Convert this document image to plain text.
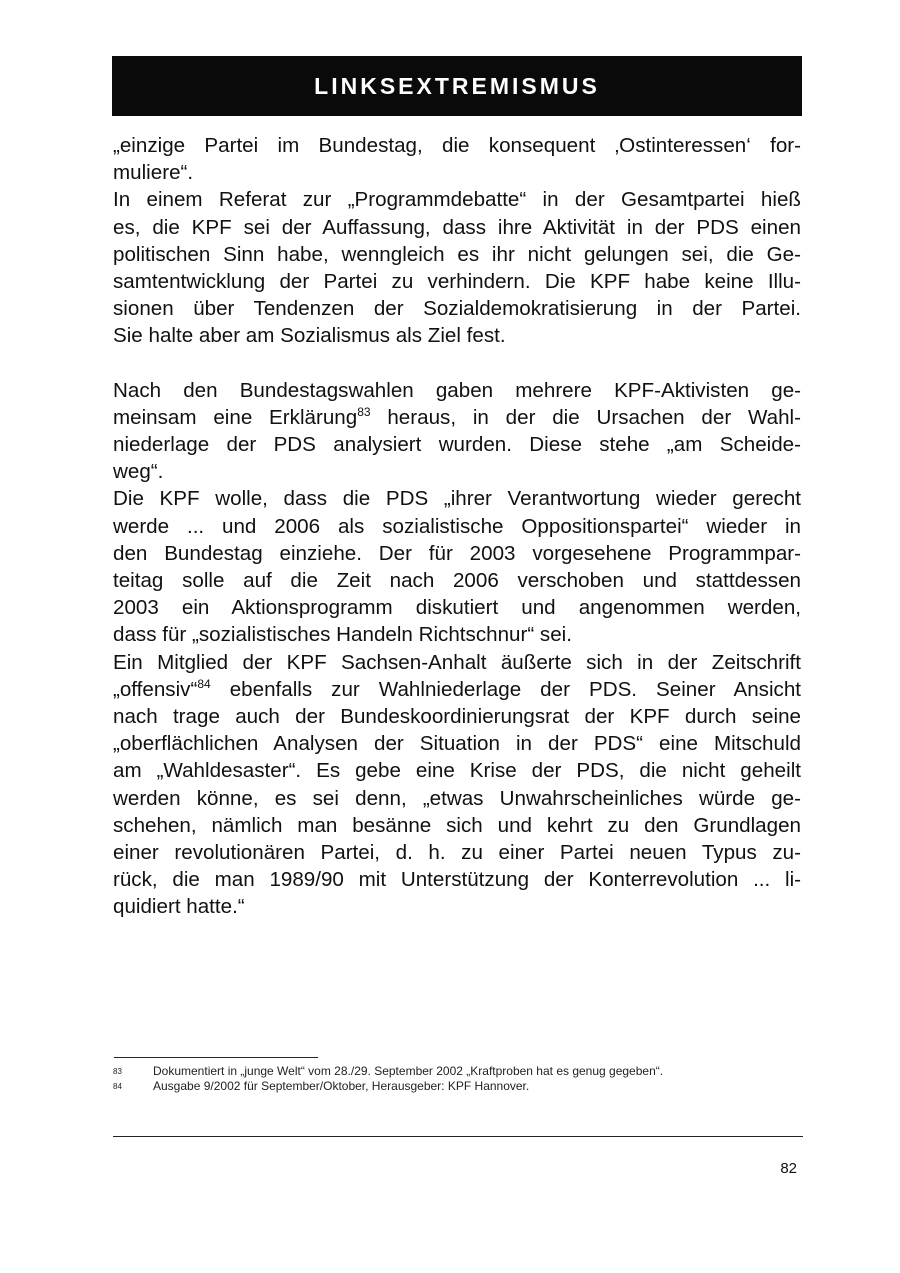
LINKSEXTREMISMUS
„einzige Partei im Bundestag, die konsequent ‚Ostinteressen‘ for-
muliere“.
In einem Referat zur „Programmdebatte“ in der Gesamtpartei hieß
es, die KPF sei der Auffassung, dass ihre Aktivität in der PDS einen
politischen Sinn habe, wenngleich es ihr nicht gelungen sei, die Ge-
samtentwicklung der Partei zu verhindern. Die KPF habe keine Illu-
sionen über Tendenzen der Sozialdemokratisierung in der Partei.
Sie halte aber am Sozialismus als Ziel fest.
Nach den Bundestagswahlen gaben mehrere KPF-Aktivisten ge-
meinsam eine Erklärung$^{83}$ heraus, in der die Ursachen der Wahl-
niederlage der PDS analysiert wurden. Diese stehe „am Scheide-
weg“.
Die KPF wolle, dass die PDS „ihrer Verantwortung wieder gerecht
werde ... und 2006 als sozialistische Oppositionspartei“ wieder in
den Bundestag einziehe. Der für 2003 vorgesehene Programmpar-
teitag solle auf die Zeit nach 2006 verschoben und stattdessen
2003 ein Aktionsprogramm diskutiert und angenommen werden,
dass für „sozialistisches Handeln Richtschnur“ sei.
Ein Mitglied der KPF Sachsen-Anhalt äußerte sich in der Zeitschrift
„offensiv“$^{84}$ ebenfalls zur Wahlniederlage der PDS. Seiner Ansicht
nach trage auch der Bundeskoordinierungsrat der KPF durch seine
„oberflächlichen Analysen der Situation in der PDS“ eine Mitschuld
am „Wahldesaster“. Es gebe eine Krise der PDS, die nicht geheilt
werden könne, es sei denn, „etwas Unwahrscheinliches würde ge-
schehen, nämlich man besänne sich und kehrt zu den Grundlagen
einer revolutionären Partei, d. h. zu einer Partei neuen Typus zu-
rück, die man 1989/90 mit Unterstützung der Konterrevolution ... li-
quidiert hatte.“
83	Dokumentiert in „junge Welt“ vom 28./29. September 2002 „Kraftproben hat es genug gegeben“.
84	Ausgabe 9/2002 für September/Oktober, Herausgeber: KPF Hannover.
82
